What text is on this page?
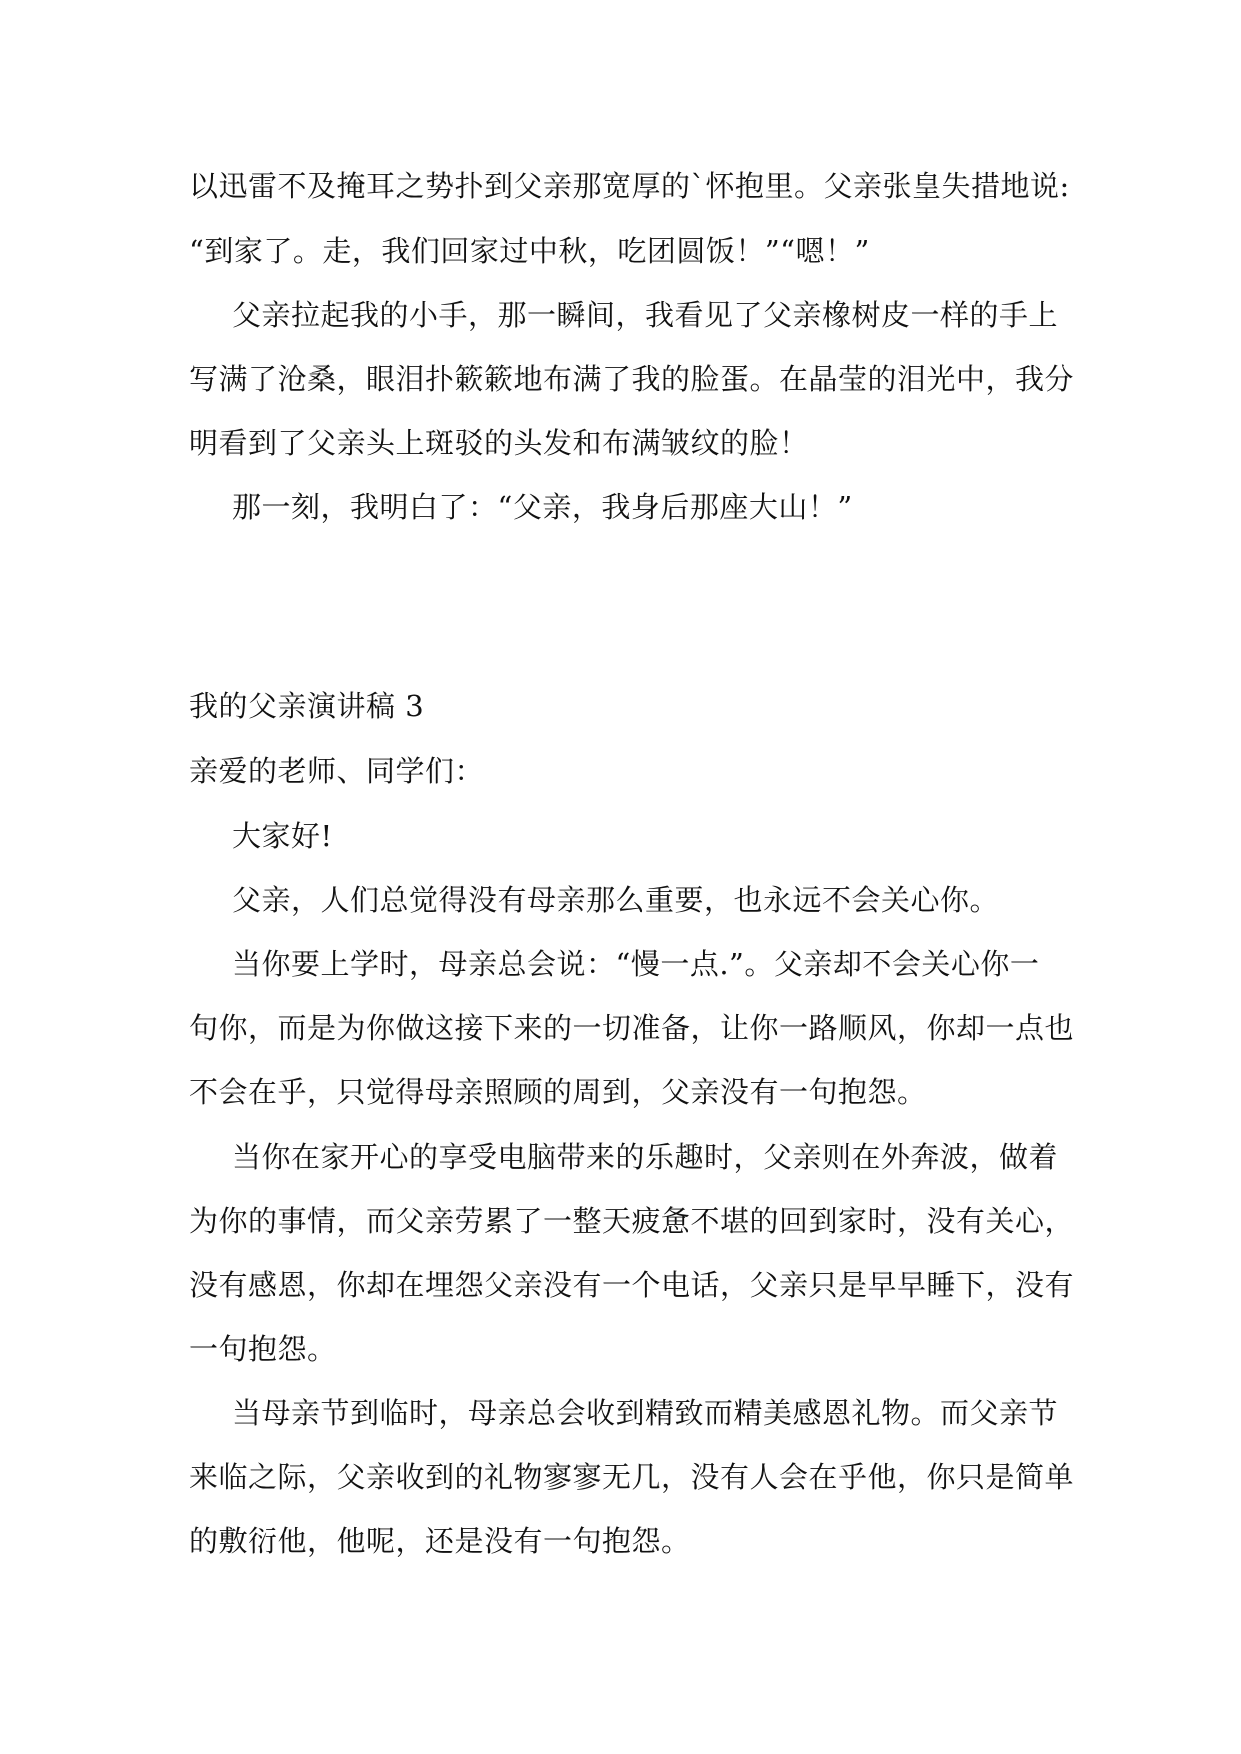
以迅雷不及掩耳之势扑到父亲那宽厚的`怀抱里。父亲张皇失措地说:
“到家了。走，我们回家过中秋，吃团圆饭！”“嗯！”
父亲拉起我的小手，那一瞬间，我看见了父亲橡树皮一样的手上
写满了沧桑，眼泪扑簌簌地布满了我的脸蛋。在晶莹的泪光中，我分
明看到了父亲头上斑驳的头发和布满皱纹的脸！
那一刻，我明白了：“父亲，我身后那座大山！”
我的父亲演讲稿 3
亲爱的老师、同学们：
大家好!
父亲，人们总觉得没有母亲那么重要，也永远不会关心你。
当你要上学时，母亲总会说：“慢一点.”。父亲却不会关心你一
句你，而是为你做这接下来的一切准备，让你一路顺风，你却一点也
不会在乎，只觉得母亲照顾的周到，父亲没有一句抱怨。
当你在家开心的享受电脑带来的乐趣时，父亲则在外奔波，做着
为你的事情，而父亲劳累了一整天疲惫不堪的回到家时，没有关心，
没有感恩，你却在埋怨父亲没有一个电话，父亲只是早早睡下，没有
一句抱怨。
当母亲节到临时，母亲总会收到精致而精美感恩礼物。而父亲节
来临之际，父亲收到的礼物寥寥无几，没有人会在乎他，你只是简单
的敷衍他，他呢，还是没有一句抱怨。
